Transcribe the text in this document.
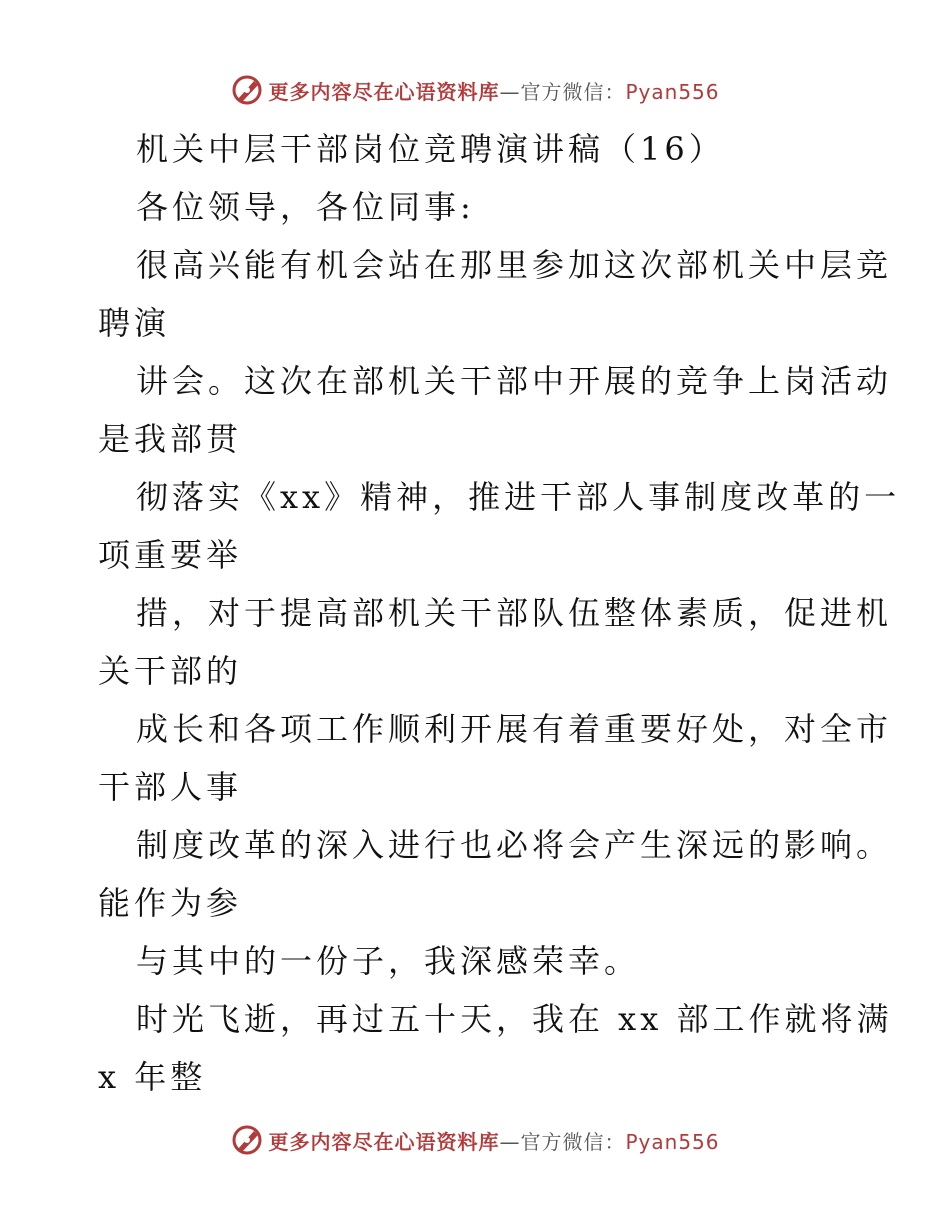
更多内容尽在心语资料库—官方微信：Pyan556
机关中层干部岗位竞聘演讲稿（16）
各位领导，各位同事:
很高兴能有机会站在那里参加这次部机关中层竞
聘演
讲会。这次在部机关干部中开展的竞争上岗活动
是我部贯
彻落实《xx》精神，推进干部人事制度改革的一
项重要举
措，对于提高部机关干部队伍整体素质，促进机
关干部的
成长和各项工作顺利开展有着重要好处，对全市
干部人事
制度改革的深入进行也必将会产生深远的影响。
能作为参
与其中的一份子，我深感荣幸。
时光飞逝，再过五十天，我在 xx 部工作就将满
x 年整
更多内容尽在心语资料库—官方微信：Pyan556
